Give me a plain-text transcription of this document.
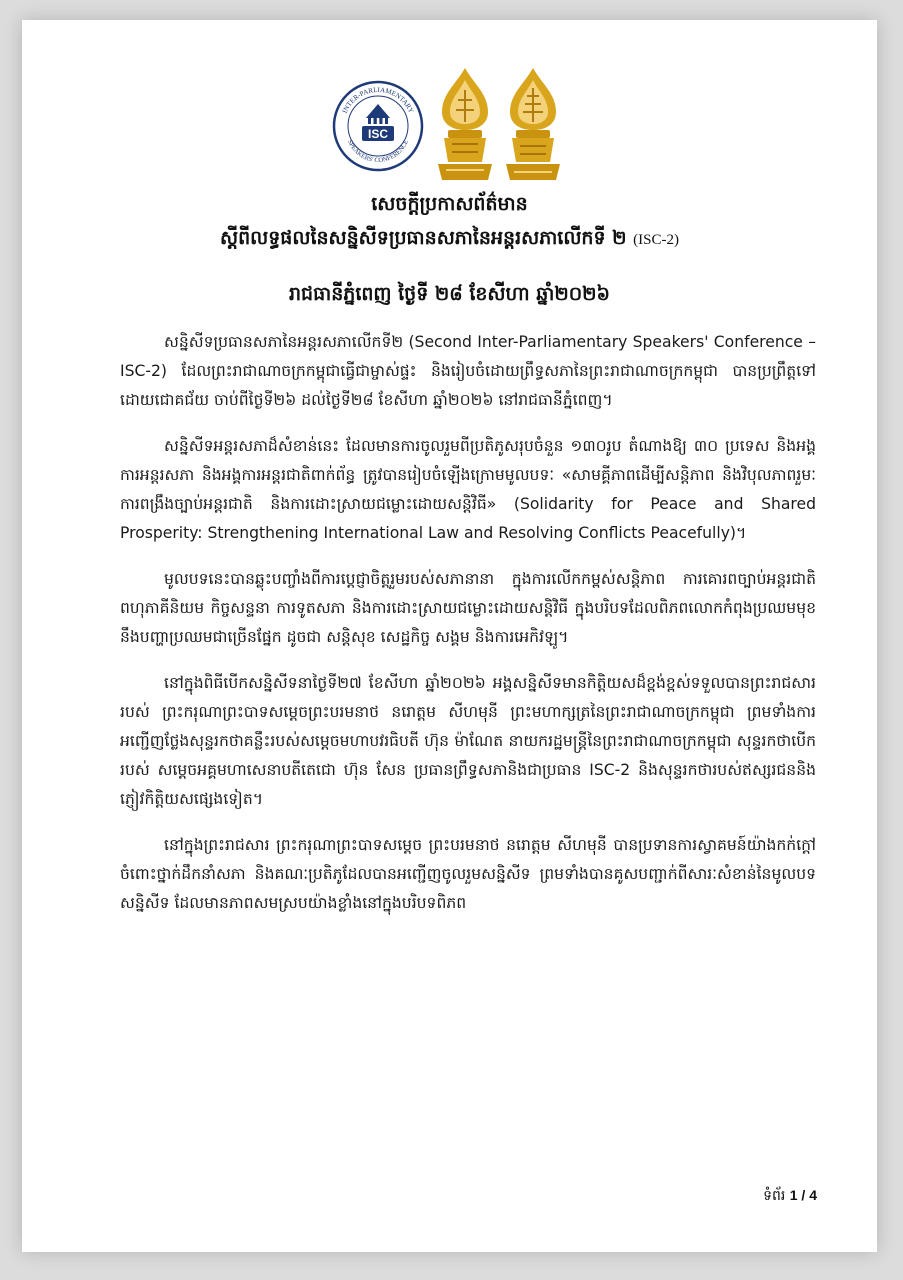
INTER-PARLIAMENTARY
SPEAKERS' CONFERENCE
ISC
សេចក្តីប្រកាសព័ត៌មាន
ស្តីពីលទ្ធផលនៃសន្និសីទប្រធានសភានៃអន្តរសភាលើកទី ២ (ISC-2)
រាជធានីភ្នំពេញ ថ្ងៃទី ២៨ ខែសីហា ឆ្នាំ២០២៦

សន្និសីទប្រធានសភានៃអន្តរសភាលើកទី២ (Second Inter-Parliamentary Speakers' Conference – ISC-2) ដែលព្រះរាជាណាចក្រកម្ពុជាធ្វើជាម្ចាស់ផ្ទះ និងរៀបចំដោយព្រឹទ្ធសភានៃព្រះរាជាណាចក្រកម្ពុជា បានប្រព្រឹត្តទៅដោយជោគជ័យ ចាប់ពីថ្ងៃទី២៦ ដល់ថ្ងៃទី២៨ ខែសីហា ឆ្នាំ២០២៦ នៅរាជធានីភ្នំពេញ។

សន្និសីទអន្តរសភាដ៏សំខាន់នេះ ដែលមានការចូលរួមពីប្រតិភូសរុបចំនួន ១៣០រូប តំណាងឱ្យ ៣០ ប្រទេស និងអង្គការអន្តរសភា និងអង្គការអន្តរជាតិពាក់ព័ន្ធ ត្រូវបានរៀបចំឡើងក្រោមមូលបទៈ «សាមគ្គីភាពដើម្បីសន្តិភាព និងវិបុលភាពរួមៈ ការពង្រឹងច្បាប់អន្តរជាតិ និងការដោះស្រាយជម្លោះដោយសន្តិវិធី» (Solidarity for Peace and Shared Prosperity: Strengthening International Law and Resolving Conflicts Peacefully)។

មូលបទនេះបានឆ្លុះបញ្ចាំងពីការប្តេជ្ញាចិត្តរួមរបស់សភានានា ក្នុងការលើកកម្ពស់សន្តិភាព ការគោរពច្បាប់អន្តរជាតិ ពហុភាគីនិយម កិច្ចសន្ទនា ការទូតសភា និងការដោះស្រាយជម្លោះដោយសន្តិវិធី ក្នុងបរិបទដែលពិភពលោកកំពុងប្រឈមមុខនឹងបញ្ហាប្រឈមជាច្រើនផ្នែក ដូចជា សន្តិសុខ សេដ្ឋកិច្ច សង្គម និងការអេកិវឡូ។

នៅក្នុងពិធីបើកសន្និសីទនាថ្ងៃទី២៧ ខែសីហា ឆ្នាំ២០២៦ អង្គសន្និសីទមានកិត្តិយសដ៏ខ្ពង់ខ្ពស់ទទួលបានព្រះរាជសាររបស់ ព្រះករុណាព្រះបាទសម្តេចព្រះបរមនាថ នរោត្តម សីហមុនី ព្រះមហាក្សត្រនៃព្រះរាជាណាចក្រកម្ពុជា ព្រមទាំងការអញ្ជើញថ្លែងសុន្ទរកថាគន្លឹះរបស់សម្តេចមហាបវរធិបតី ហ៊ុន ម៉ាណែត នាយករដ្ឋមន្ត្រីនៃព្រះរាជាណាចក្រកម្ពុជា សុន្ទរកថាបើករបស់ សម្តេចអគ្គមហាសេនាបតីតេជោ ហ៊ុន សែន ប្រធានព្រឹទ្ធសភានិងជាប្រធាន ISC-2 និងសុន្ទរកថារបស់ឥស្សរជននិងភ្ញៀវកិត្តិយសផ្សេងទៀត។

នៅក្នុងព្រះរាជសារ ព្រះករុណាព្រះបាទសម្តេច ព្រះបរមនាថ នរោត្តម សីហមុនី បានប្រទានការស្វាគមន៍យ៉ាងកក់ក្តៅចំពោះថ្នាក់ដឹកនាំសភា និងគណៈប្រតិភូដែលបានអញ្ជើញចូលរួមសន្និសីទ ព្រមទាំងបានគូសបញ្ជាក់ពីសារៈសំខាន់នៃមូលបទសន្និសីទ ដែលមានភាពសមស្របយ៉ាងខ្លាំងនៅក្នុងបរិបទពិភព

ទំព័រ 1 / 4
